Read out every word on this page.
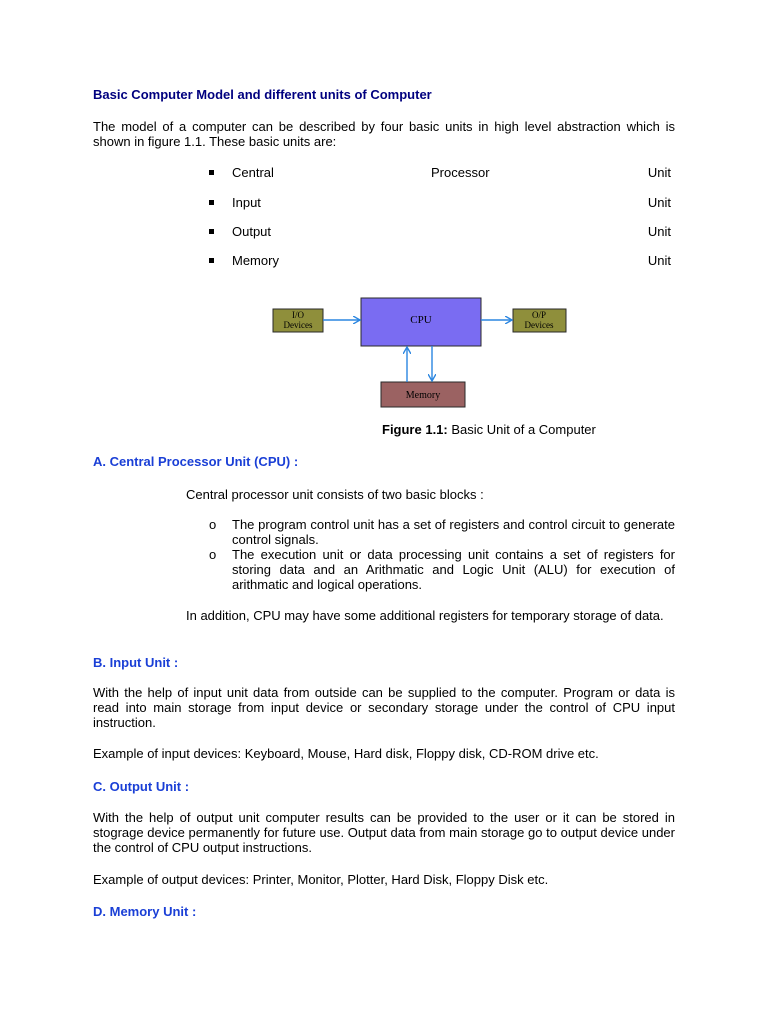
Basic Computer Model and different units of Computer
The model of a computer can be described by four basic units in high level abstraction which is shown in figure 1.1. These basic units are:
Central	Processor	Unit
Input	Unit
Output	Unit
Memory	Unit
I/O
Devices	CPU	O/P
Devices
Memory
Figure 1.1: Basic Unit of a Computer
A. Central Processor Unit (CPU) :
Central processor unit consists of two basic blocks :
o The program control unit has a set of registers and control circuit to generate control signals.
o The execution unit or data processing unit contains a set of registers for storing data and an Arithmatic and Logic Unit (ALU) for execution of arithmatic and logical operations.
In addition, CPU may have some additional registers for temporary storage of data.
B. Input Unit :
With the help of input unit data from outside can be supplied to the computer. Program or data is read into main storage from input device or secondary storage under the control of CPU input instruction.
Example of input devices: Keyboard, Mouse, Hard disk, Floppy disk, CD-ROM drive etc.
C. Output Unit :
With the help of output unit computer results can be provided to the user or it can be stored in stograge device permanently for future use. Output data from main storage go to output device under the control of CPU output instructions.
Example of output devices: Printer, Monitor, Plotter, Hard Disk, Floppy Disk etc.
D. Memory Unit :
